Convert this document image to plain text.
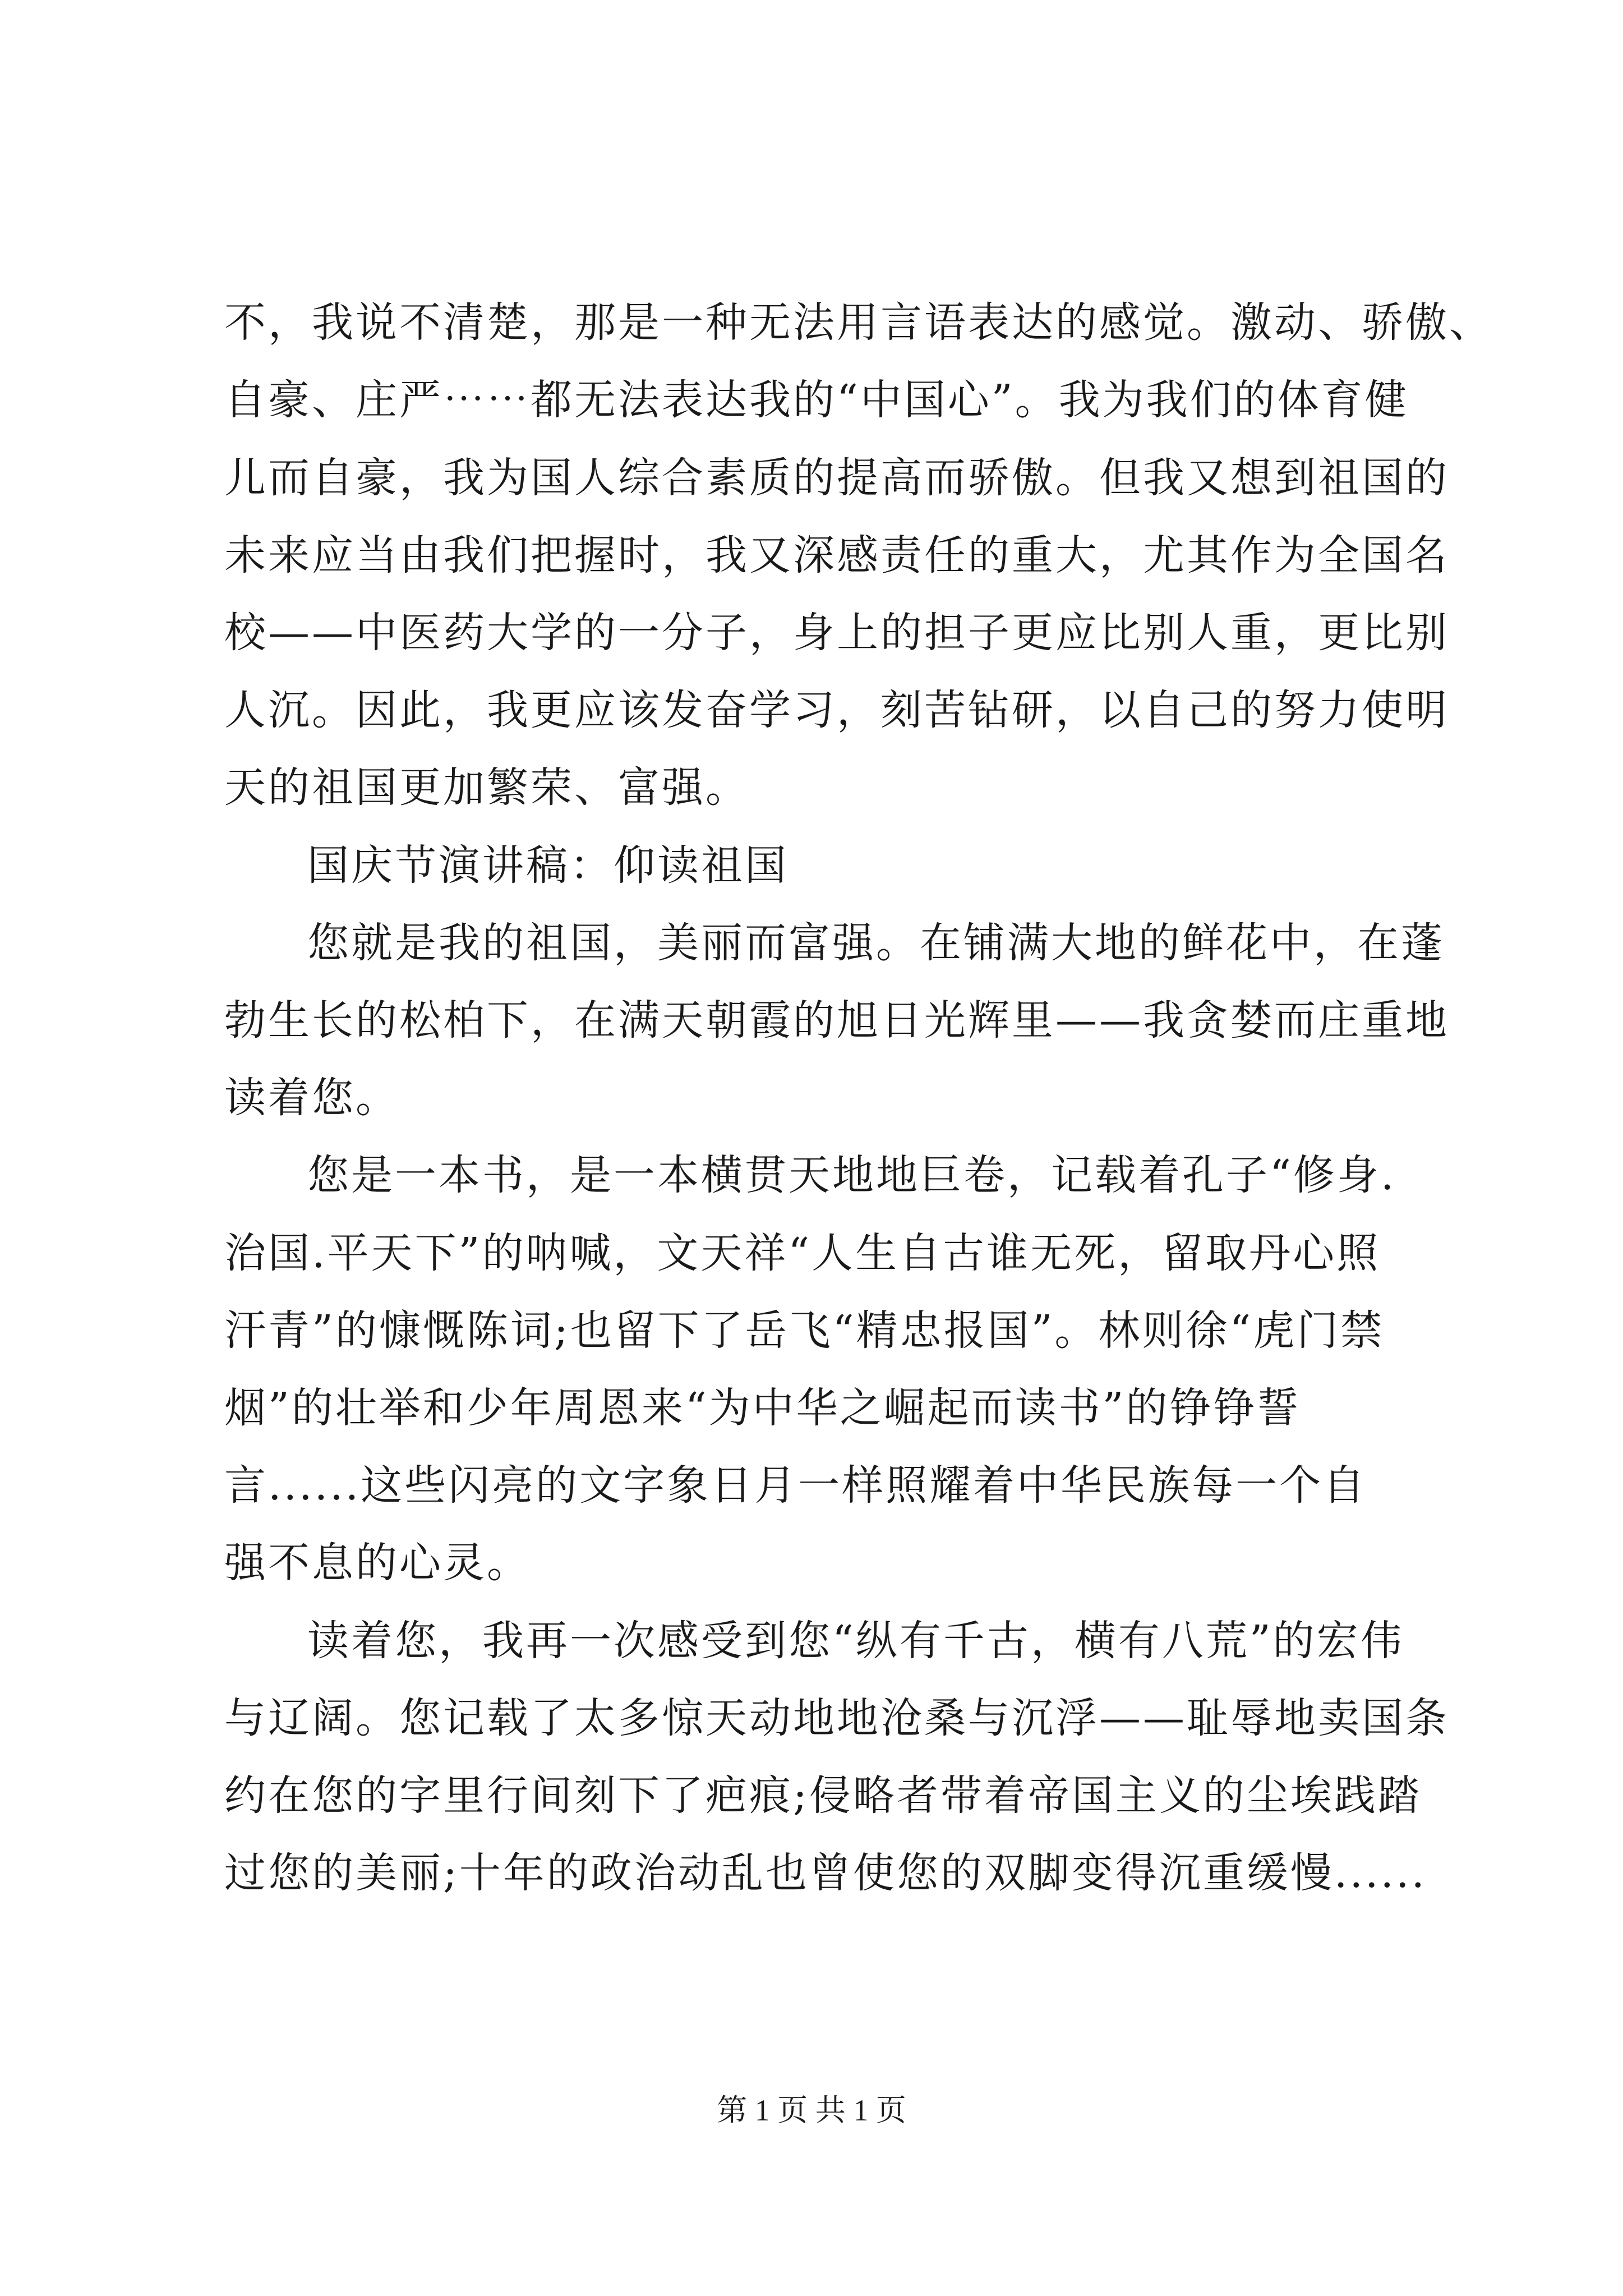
不，我说不清楚，那是一种无法用言语表达的感觉。激动、骄傲、
自豪、庄严⋯⋯都无法表达我的“中国心”。我为我们的体育健
儿而自豪，我为国人综合素质的提高而骄傲。但我又想到祖国的
未来应当由我们把握时，我又深感责任的重大，尤其作为全国名
校——中医药大学的一分子，身上的担子更应比别人重，更比别
人沉。因此，我更应该发奋学习，刻苦钻研，以自己的努力使明
天的祖国更加繁荣、富强。
国庆节演讲稿：仰读祖国
您就是我的祖国，美丽而富强。在铺满大地的鲜花中，在蓬
勃生长的松柏下，在满天朝霞的旭日光辉里——我贪婪而庄重地
读着您。
您是一本书，是一本横贯天地地巨卷，记载着孔子“修身.
治国.平天下”的呐喊，文天祥“人生自古谁无死，留取丹心照
汗青”的慷慨陈词;也留下了岳飞“精忠报国”。林则徐“虎门禁
烟”的壮举和少年周恩来“为中华之崛起而读书”的铮铮誓
言......这些闪亮的文字象日月一样照耀着中华民族每一个自
强不息的心灵。
读着您，我再一次感受到您“纵有千古，横有八荒”的宏伟
与辽阔。您记载了太多惊天动地地沧桑与沉浮——耻辱地卖国条
约在您的字里行间刻下了疤痕;侵略者带着帝国主义的尘埃践踏
过您的美丽;十年的政治动乱也曾使您的双脚变得沉重缓慢......
第 1 页 共 1 页
